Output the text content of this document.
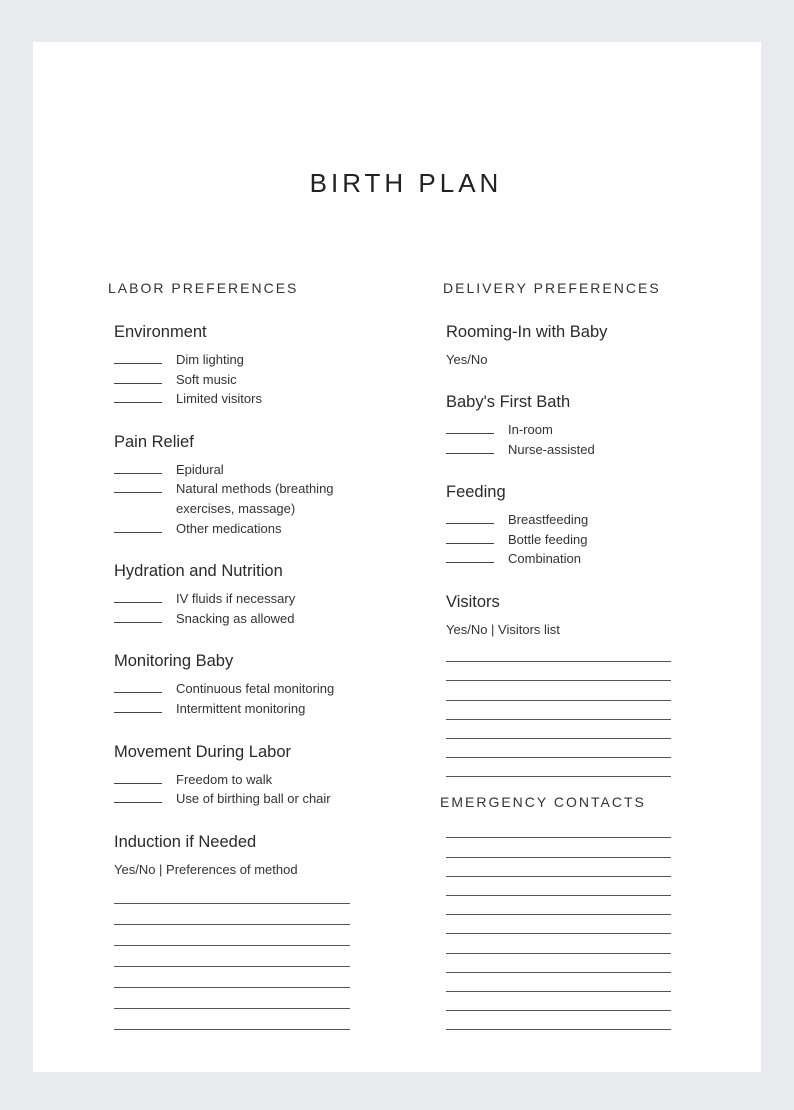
BIRTH PLAN
LABOR PREFERENCES
Environment
Dim lighting
Soft music
Limited visitors
Pain Relief
Epidural
Natural methods (breathing exercises, massage)
Other medications
Hydration and Nutrition
IV fluids if necessary
Snacking as allowed
Monitoring Baby
Continuous fetal monitoring
Intermittent monitoring
Movement During Labor
Freedom to walk
Use of birthing ball or chair
Induction if Needed
Yes/No | Preferences of method
DELIVERY PREFERENCES
Rooming-In with Baby
Yes/No
Baby's First Bath
In-room
Nurse-assisted
Feeding
Breastfeeding
Bottle feeding
Combination
Visitors
Yes/No | Visitors list
EMERGENCY CONTACTS
